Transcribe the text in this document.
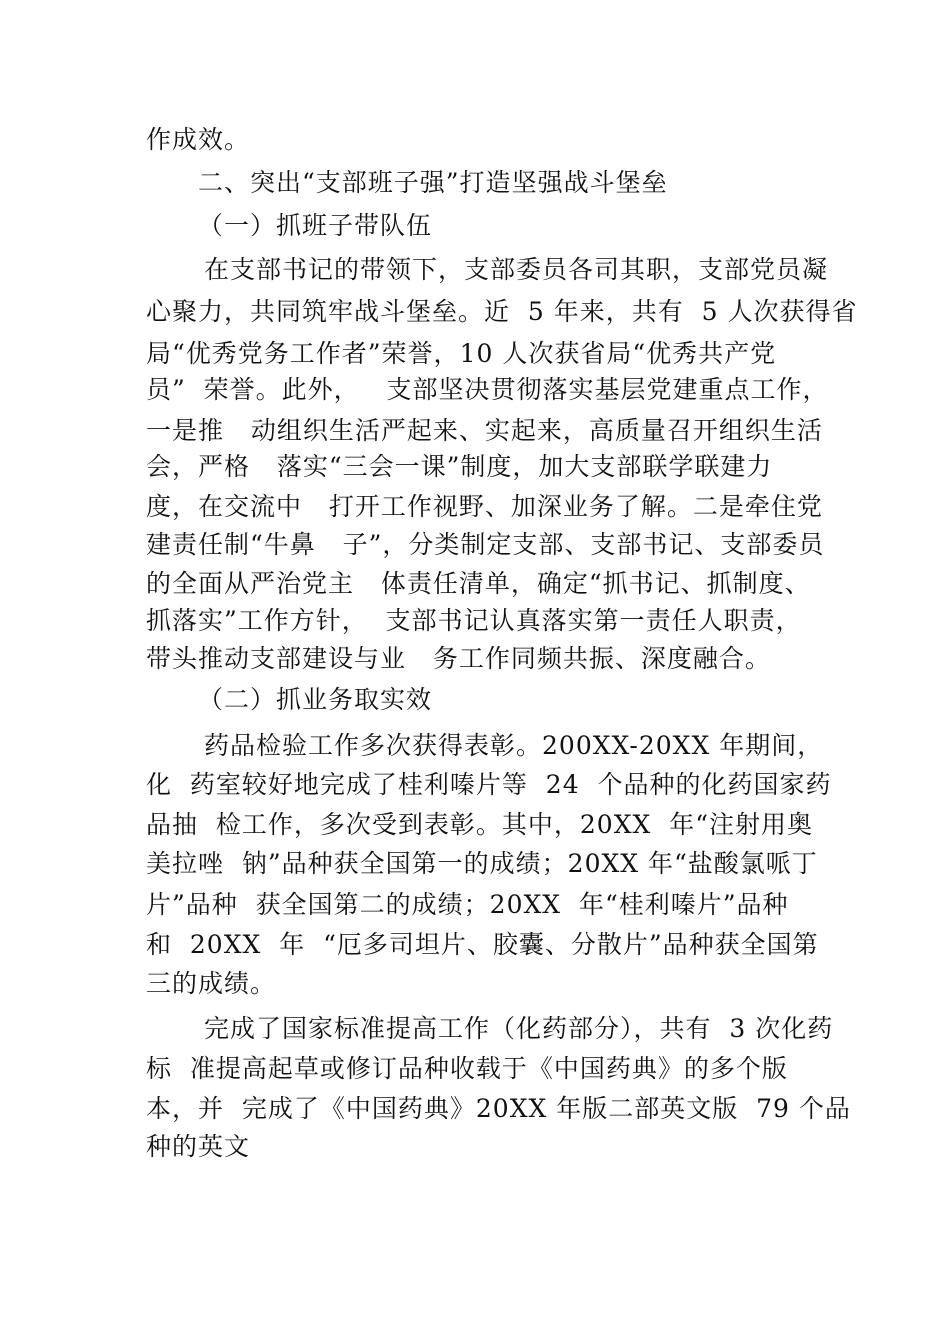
作成效。
二、突出“支部班子强”打造坚强战斗堡垒
（一）抓班子带队伍
在支部书记的带领下，支部委员各司其职，支部党员凝
心聚力，共同筑牢战斗堡垒。近  5 年来，共有  5 人次获得省
局“优秀党务工作者”荣誉，10 人次获省局“优秀共产党
员”  荣誉。此外，   支部坚决贯彻落实基层党建重点工作，
一是推   动组织生活严起来、实起来，高质量召开组织生活
会，严格   落实“三会一课”制度，加大支部联学联建力
度，在交流中   打开工作视野、加深业务了解。二是牵住党
建责任制“牛鼻   子”，分类制定支部、支部书记、支部委员
的全面从严治党主   体责任清单，确定“抓书记、抓制度、
抓落实”工作方针，  支部书记认真落实第一责任人职责，
带头推动支部建设与业   务工作同频共振、深度融合。
（二）抓业务取实效
药品检验工作多次获得表彰。200XX-20XX 年期间，
化  药室较好地完成了桂利嗪片等  24  个品种的化药国家药
品抽  检工作，多次受到表彰。其中，20XX  年“注射用奥
美拉唑  钠”品种获全国第一的成绩；20XX 年“盐酸氯哌丁
片”品种  获全国第二的成绩；20XX  年“桂利嗪片”品种
和  20XX  年  “厄多司坦片、胶囊、分散片”品种获全国第
三的成绩。
完成了国家标准提高工作（化药部分），共有  3 次化药
标  准提高起草或修订品种收载于《中国药典》的多个版
本，并  完成了《中国药典》20XX 年版二部英文版  79 个品
种的英文
